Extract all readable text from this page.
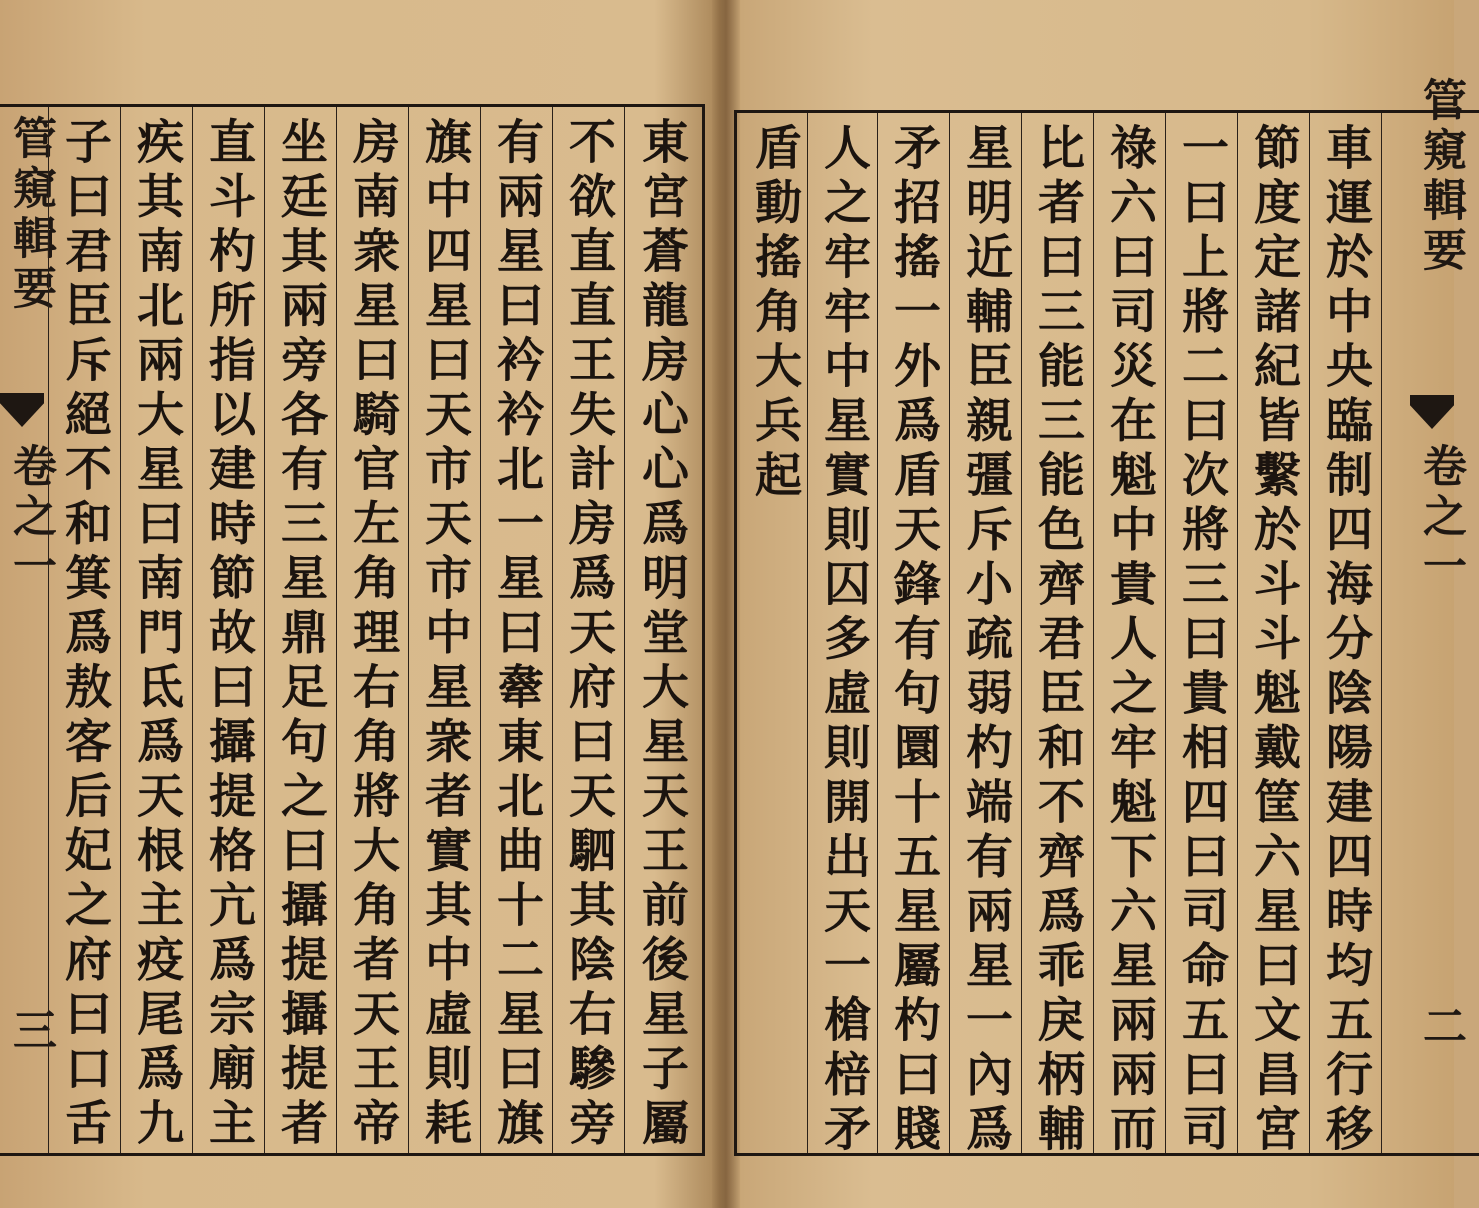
管窺輯要
卷之一
三 子曰君臣斥絕不和箕爲敖客后妃之府曰口舌 疾其南北兩大星曰南門氐爲天根主疫尾爲九 直斗杓所指以建時節故曰攝提格亢爲宗廟主 坐廷其兩旁各有三星鼎足句之曰攝提攝提者 房南衆星曰騎官左角理右角將大角者天王帝 旗中四星曰天市天市中星衆者實其中虛則耗 有兩星曰衿衿北一星曰舝東北曲十二星曰旗 不欲直直王失計房爲天府曰天駟其陰右驂旁 東宮蒼龍房心心爲明堂大星天王前後星子屬 盾動搖角大兵起 人之牢牢中星實則囚多虛則開出天一槍棓矛 矛招搖一外爲盾天鋒有句圜十五星屬杓曰賤 星明近輔臣親彊斥小疏弱杓端有兩星一內爲 比者曰三能三能色齊君臣和不齊爲乖戾柄輔 祿六曰司災在魁中貴人之牢魁下六星兩兩而 一曰上將二曰次將三曰貴相四曰司命五曰司 節度定諸紀皆繫於斗斗魁戴筐六星曰文昌宮 車運於中央臨制四海分陰陽建四時均五行移 管窺輯要
卷之一
二
